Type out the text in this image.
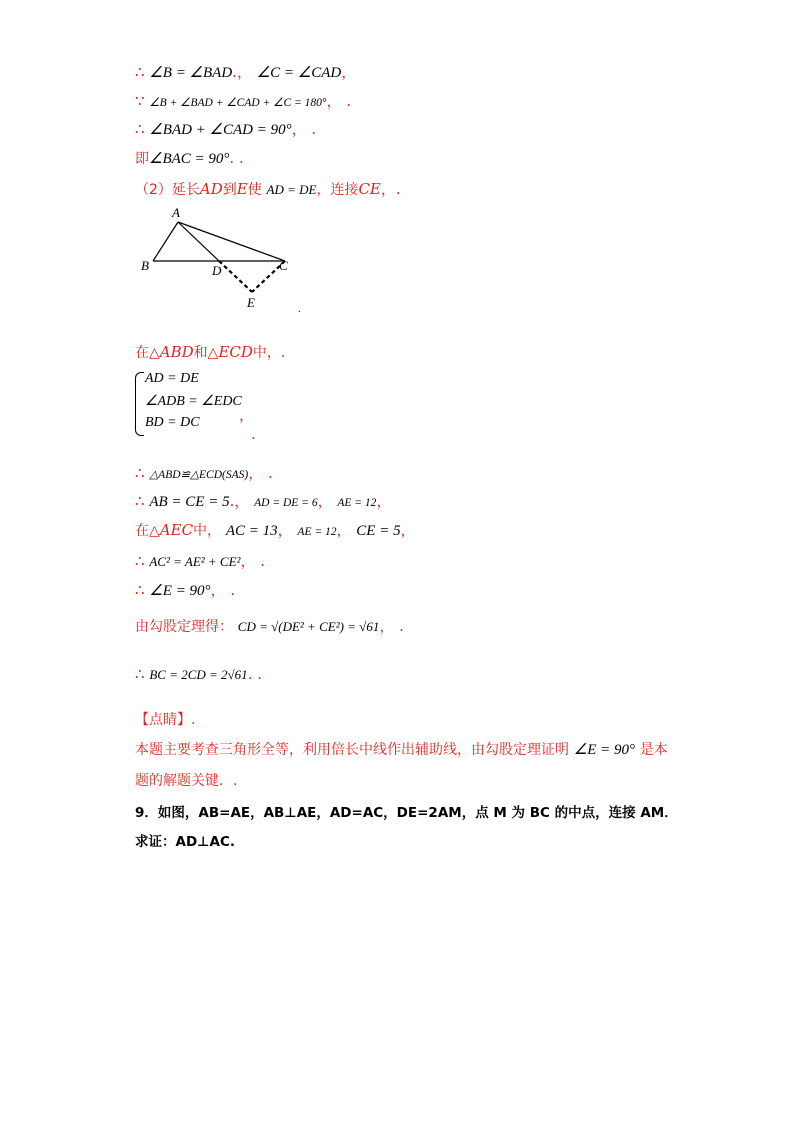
∴ ∠B = ∠BAD.， ∠C = ∠CAD，
∵ ∠B + ∠BAD + ∠CAD + ∠C = 180°， .
∴ ∠BAD + ∠CAD = 90°， .
即∠BAC = 90°. .
（2）延长AD到E使 AD = DE，连接CE，.
A
B	C
D
E	.
在△ABD和△ECD中，.
AD = DE
∠ADB = ∠EDC
BD = DC	，
.
∴ △ABD≌△ECD(SAS)， .
∴ AB = CE = 5.， AD = DE = 6， AE = 12，
在△AEC中， AC = 13， AE = 12， CE = 5，
∴ AC² = AE² + CE²， .
∴ ∠E = 90°， .
由勾股定理得： CD = √(DE² + CE²) = √61， .
∴ BC = 2CD = 2√61. .
【点睛】.
本题主要考查三角形全等，利用倍长中线作出辅助线，由勾股定理证明 ∠E = 90° 是本
题的解题关键．.
9．如图，AB=AE，AB⊥AE，AD=AC，DE=2AM，点 M 为 BC 的中点，连接 AM．
求证：AD⊥AC.
